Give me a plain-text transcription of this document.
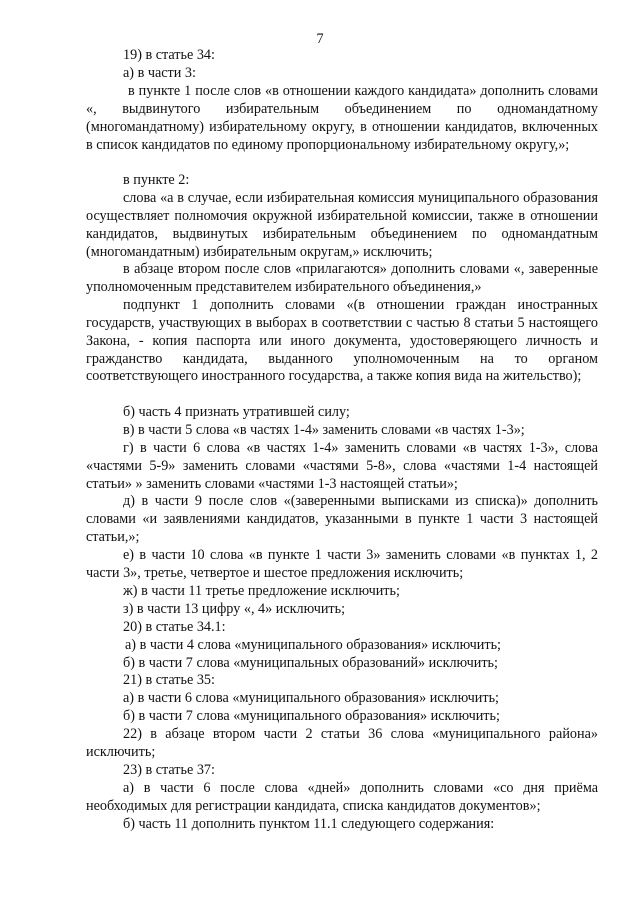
7

19) в статье 34:

а) в части 3:

в пункте 1 после слов «в отношении каждого кандидата» дополнить словами «, выдвинутого избирательным объединением по одномандатному (многомандатному) избирательному округу, в отношении кандидатов, включенных в список кандидатов по единому пропорциональному избирательному округу,»;

в пункте 2:

слова «а в случае, если избирательная комиссия муниципального образования осуществляет полномочия окружной избирательной комиссии, также в отношении кандидатов, выдвинутых избирательным объединением по одномандатным (многомандатным) избирательным округам,» исключить;

в абзаце втором после слов «прилагаются» дополнить словами «, заверенные уполномоченным представителем избирательного объединения,»

подпункт 1 дополнить словами «(в отношении граждан иностранных государств, участвующих в выборах в соответствии с частью 8 статьи 5 настоящего Закона, - копия паспорта или иного документа, удостоверяющего личность и гражданство кандидата, выданного уполномоченным на то органом соответствующего иностранного государства, а также копия вида на жительство);

б) часть 4 признать утратившей силу;

в) в части 5 слова «в частях 1-4» заменить словами «в частях 1-3»;

г) в части 6 слова «в частях 1-4» заменить словами «в частях 1-3», слова «частями 5-9» заменить словами «частями 5-8», слова «частями 1-4 настоящей статьи» » заменить словами «частями 1-3 настоящей статьи»;

д) в части 9 после слов «(заверенными выписками из списка)» дополнить словами «и заявлениями кандидатов, указанными в пункте 1 части 3 настоящей статьи,»;

е) в части 10 слова «в пункте 1 части 3» заменить словами «в пунктах 1, 2 части 3», третье, четвертое и шестое предложения исключить;

ж) в части 11 третье предложение исключить;

з) в части 13 цифру «, 4» исключить;

20) в статье 34.1:

а) в части 4 слова «муниципального образования» исключить;

б) в части 7 слова «муниципальных образований» исключить;

21) в статье 35:

а) в части 6 слова «муниципального образования» исключить;

б) в части 7 слова «муниципального образования» исключить;

22) в абзаце втором части 2 статьи 36 слова «муниципального района» исключить;

23) в статье 37:

а) в части 6 после слова «дней» дополнить словами «со дня приёма необходимых для регистрации кандидата, списка кандидатов документов»;

б) часть 11 дополнить пунктом 11.1 следующего содержания:
